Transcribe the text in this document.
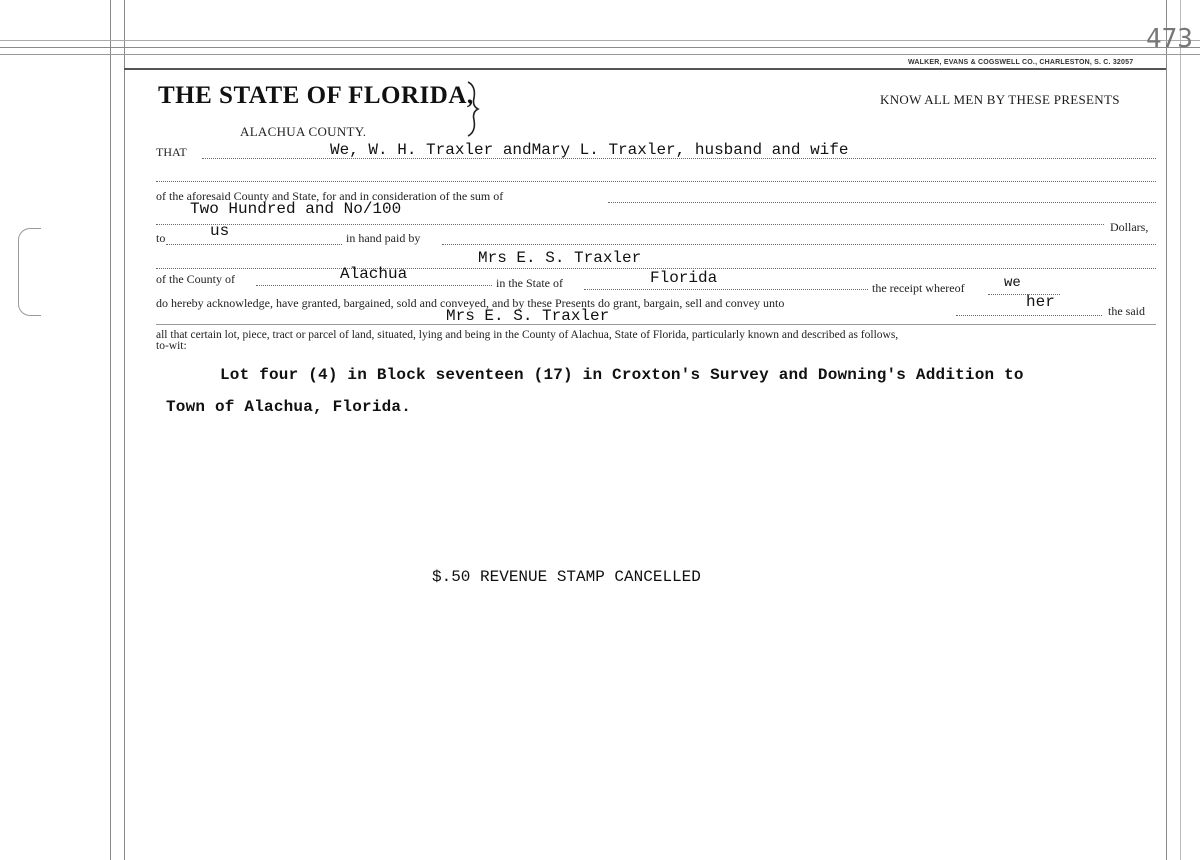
473
WALKER, EVANS & COGSWELL CO., CHARLESTON, S. C. 32057
THE STATE OF FLORIDA,
ALACHUA COUNTY.
KNOW ALL MEN BY THESE PRESENTS
THAT	We, W. H. Traxler andMary L. Traxler, husband and wife
of the aforesaid County and State, for and in consideration of the sum of
Two Hundred and No/100
Dollars,
to	us	in hand paid by
Mrs E. S. Traxler
of the County of	Alachua	in the State of	Florida
the receipt whereof	we
do hereby acknowledge, have granted, bargained, sold and conveyed, and by these Presents do grant, bargain, sell and convey unto	her	the said
Mrs E. S. Traxler
all that certain lot, piece, tract or parcel of land, situated, lying and being in the County of Alachua, State of Florida, particularly known and described as follows,
to-wit:
Lot four (4) in Block seventeen (17) in Croxton's Survey and Downing's Addition to
Town of Alachua, Florida.
$.50 REVENUE STAMP CANCELLED
